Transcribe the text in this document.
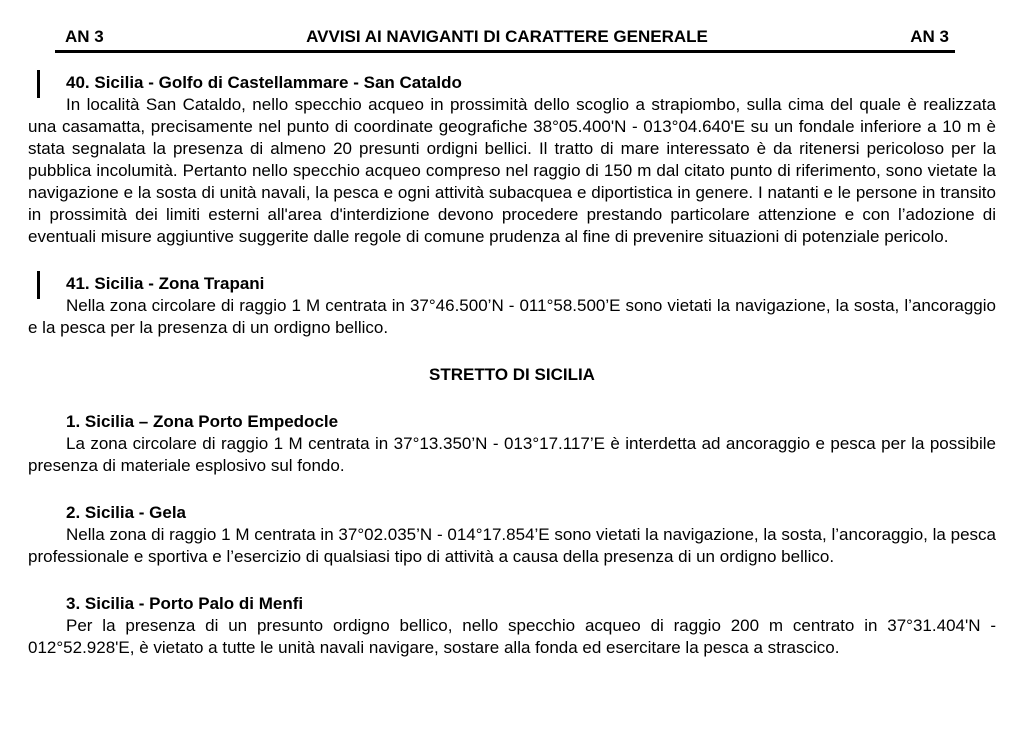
AN 3	AVVISI AI NAVIGANTI DI CARATTERE GENERALE	AN 3
40. Sicilia - Golfo di Castellammare - San Cataldo

In località San Cataldo, nello specchio acqueo in prossimità dello scoglio a strapiombo, sulla cima del quale è realizzata una casamatta, precisamente nel punto di coordinate geografiche 38°05.400'N - 013°04.640'E su un fondale inferiore a 10 m è stata segnalata la presenza di almeno 20 presunti ordigni bellici. Il tratto di mare interessato è da ritenersi pericoloso per la pubblica incolumità. Pertanto nello specchio acqueo compreso nel raggio di 150 m dal citato punto di riferimento, sono vietate la navigazione e la sosta di unità navali, la pesca e ogni attività subacquea e diportistica in genere. I natanti e le persone in transito in prossimità dei limiti esterni all'area d'interdizione devono procedere prestando particolare attenzione e con l’adozione di eventuali misure aggiuntive suggerite dalle regole di comune prudenza al fine di prevenire situazioni di potenziale pericolo.

41. Sicilia - Zona Trapani

Nella zona circolare di raggio 1 M centrata in 37°46.500’N - 011°58.500’E sono vietati la navigazione, la sosta, l’ancoraggio e la pesca per la presenza di un ordigno bellico.

STRETTO DI SICILIA
1. Sicilia – Zona Porto Empedocle

La zona circolare di raggio 1 M centrata in 37°13.350’N - 013°17.117’E è interdetta ad ancoraggio e pesca per la possibile presenza di materiale esplosivo sul fondo.

2. Sicilia - Gela

Nella zona di raggio 1 M centrata in 37°02.035’N - 014°17.854’E sono vietati la navigazione, la sosta, l’ancoraggio, la pesca professionale e sportiva e l’esercizio di qualsiasi tipo di attività a causa della presenza di un ordigno bellico.

3. Sicilia - Porto Palo di Menfi

Per la presenza di un presunto ordigno bellico, nello specchio acqueo di raggio 200 m centrato in 37°31.404'N - 012°52.928'E, è vietato a tutte le unità navali navigare, sostare alla fonda ed esercitare la pesca a strascico.
